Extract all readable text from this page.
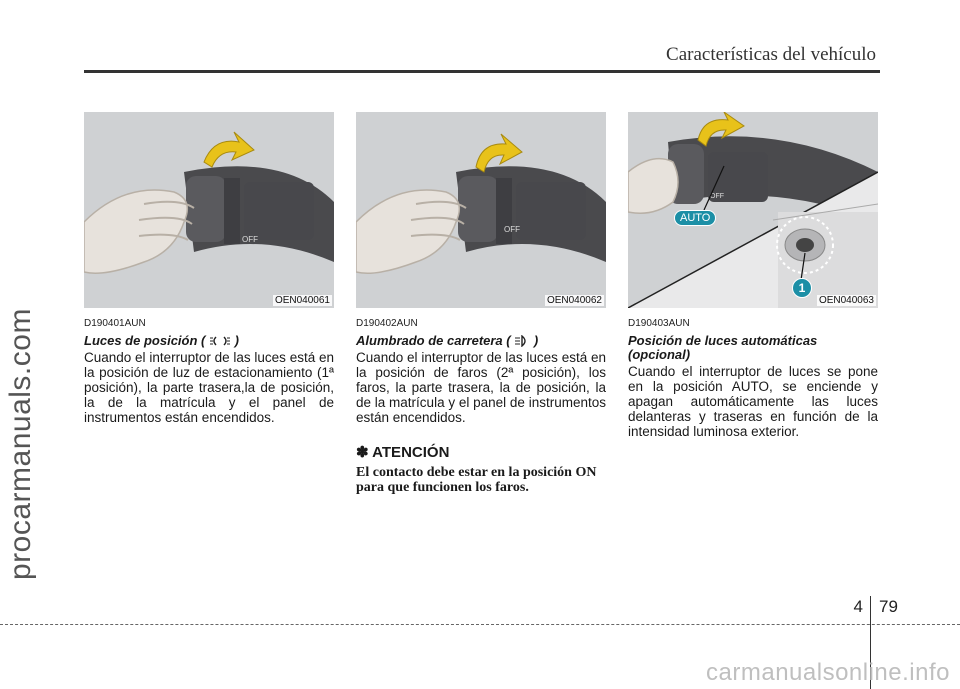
Características del vehículo
procarmanuals.com
OFF
OEN040061
D190401AUN
Luces de posición ( )
Cuando el interruptor de las luces está en la posición de luz de estacionamiento (1ª posición), la parte trasera,la de posición, la de la matrícula y el panel de instrumentos están encendidos.
OFF
OEN040062
D190402AUN
Alumbrado de carretera ( )
Cuando el interruptor de las luces está en la posición de faros (2ª posición), los faros, la parte trasera, la de posición, la de la matrícula y el panel de instrumentos están encendidos.
✽ ATENCIÓN
El contacto debe estar en la posición ON para que funcionen los faros.
OFF
AUTO
1
OEN040063
D190403AUN
Posición de luces automáticas (opcional)
Cuando el interruptor de luces se pone en la posición AUTO, se enciende y apagan automáticamente las luces delanteras y traseras en función de la intensidad luminosa exterior.
4 79
carmanualsonline.info
